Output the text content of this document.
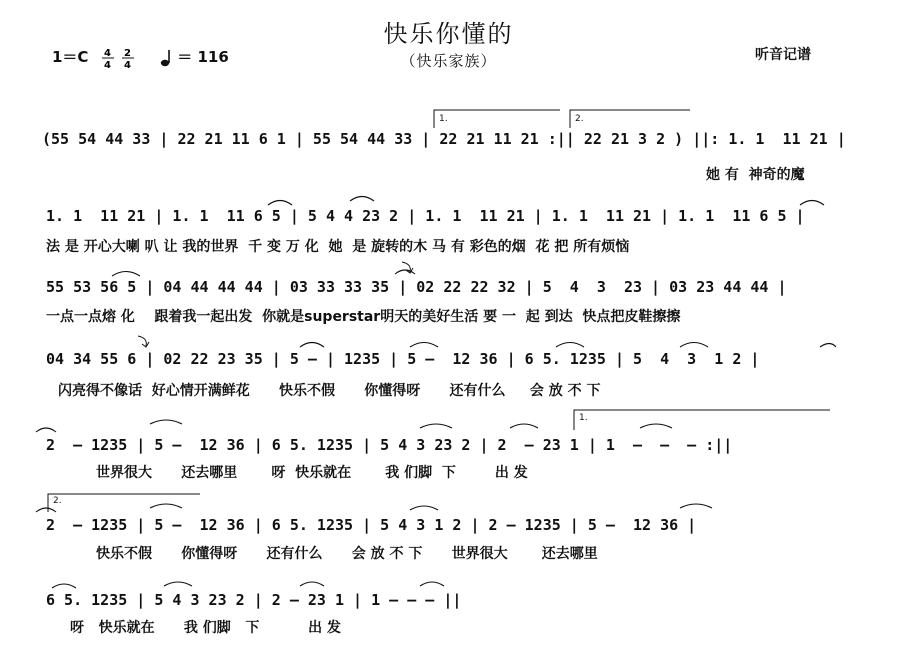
快乐你懂的
（快乐家族）
1＝C 4
4
2
4	＝ 116	听音记谱
(55 54 44 33 | 22 21 11 6 1 | 55 54 44 33 | 22 21 11 21 :|| 22 21 3 2 ) ||: 1. 1  11 21 |
她 有  神奇的魔
1. 1  11 21 | 1. 1  11 6 5 | 5 4 4 23 2 | 1. 1  11 21 | 1. 1  11 21 | 1. 1  11 6 5 |
法 是 开心大喇 叭 让 我的世界  千 变 万 化  她  是 旋转的木 马 有 彩色的烟  花 把 所有烦恼
55 53 56 5 | 04 44 44 44 | 03 33 33 35 | 02 22 22 32 | 5  4  3  23 | 03 23 44 44 |
一点一点熔 化    跟着我一起出发  你就是superstar明天的美好生活 要 一  起 到达  快点把皮鞋擦擦
04 34 55 6 | 02 22 23 35 | 5 — | 1235 | 5 —  12 36 | 6 5. 1235 | 5  4  3  1 2 |
闪亮得不像话  好心情开满鲜花      快乐不假      你懂得呀      还有什么     会 放 不 下
2  — 1235 | 5 —  12 36 | 6 5. 1235 | 5 4 3 23 2 | 2  — 23 1 | 1  —  —  — :||
世界很大      还去哪里       呀  快乐就在       我 们脚  下        出 发
2  — 1235 | 5 —  12 36 | 6 5. 1235 | 5 4 3 1 2 | 2 — 1235 | 5 —  12 36 |
快乐不假      你懂得呀      还有什么      会 放 不 下      世界很大       还去哪里
6 5. 1235 | 5 4 3 23 2 | 2 — 23 1 | 1 — — — ||
呀   快乐就在      我 们脚   下          出 发
1.	2.
1.
2.
